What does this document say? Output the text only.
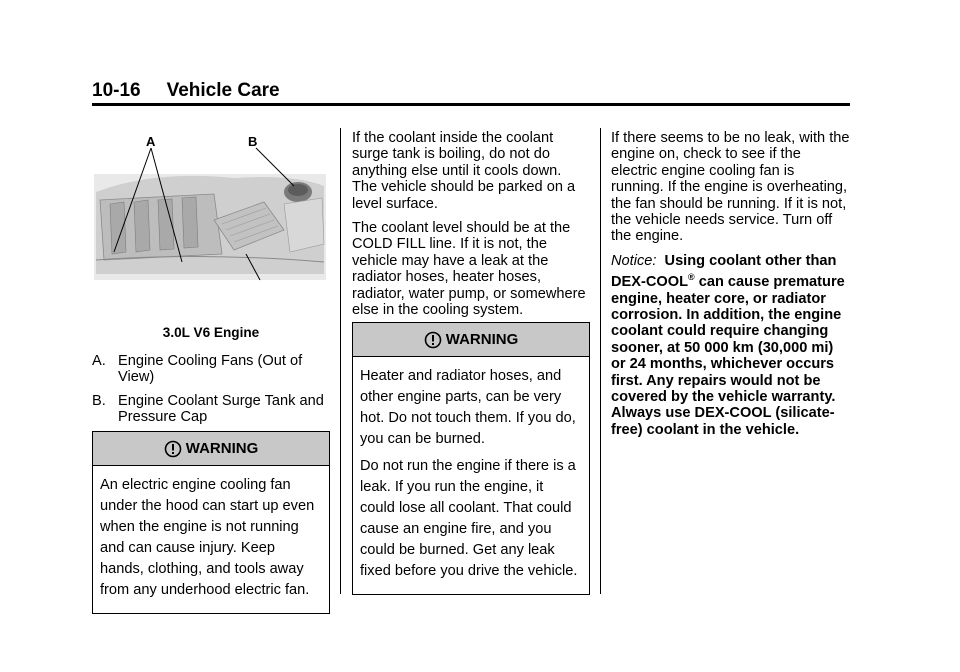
10-16 Vehicle Care
A	B
3.0L V6 Engine
A. Engine Cooling Fans (Out of View)
B. Engine Coolant Surge Tank and Pressure Cap
WARNING

An electric engine cooling fan under the hood can start up even when the engine is not running and can cause injury. Keep hands, clothing, and tools away from any underhood electric fan.

If the coolant inside the coolant surge tank is boiling, do not do anything else until it cools down. The vehicle should be parked on a level surface.

The coolant level should be at the COLD FILL line. If it is not, the vehicle may have a leak at the radiator hoses, heater hoses, radiator, water pump, or somewhere else in the cooling system.

WARNING

Heater and radiator hoses, and other engine parts, can be very hot. Do not touch them. If you do, you can be burned.

Do not run the engine if there is a leak. If you run the engine, it could lose all coolant. That could cause an engine fire, and you could be burned. Get any leak fixed before you drive the vehicle.

If there seems to be no leak, with the engine on, check to see if the electric engine cooling fan is running. If the engine is overheating, the fan should be running. If it is not, the vehicle needs service. Turn off the engine.

Notice: Using coolant other than DEX-COOL® can cause premature engine, heater core, or radiator corrosion. In addition, the engine coolant could require changing sooner, at 50 000 km (30,000 mi) or 24 months, whichever occurs first. Any repairs would not be covered by the vehicle warranty. Always use DEX-COOL (silicate-free) coolant in the vehicle.
